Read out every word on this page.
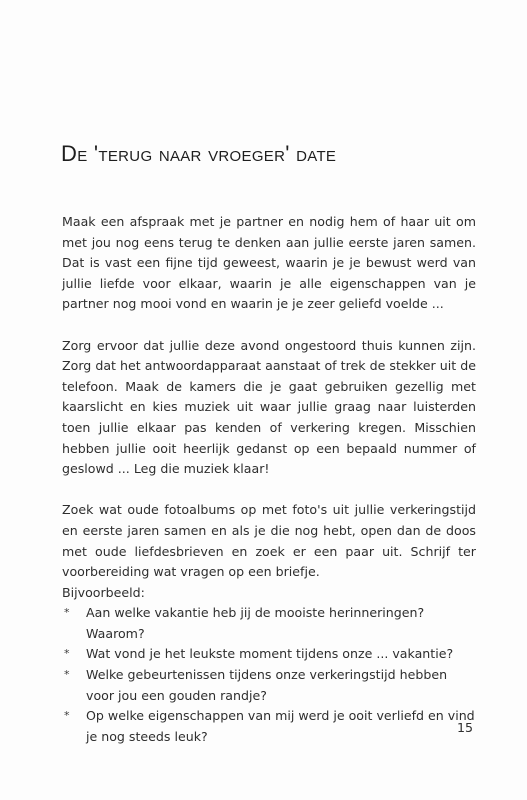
De 'terug naar vroeger' date

Maak een afspraak met je partner en nodig hem of haar uit om met jou nog eens terug te denken aan jullie eerste jaren samen. Dat is vast een fijne tijd geweest, waarin je je bewust werd van jullie liefde voor elkaar, waarin je alle eigenschappen van je partner nog mooi vond en waarin je je zeer geliefd voelde ...

Zorg ervoor dat jullie deze avond ongestoord thuis kunnen zijn. Zorg dat het antwoordapparaat aanstaat of trek de stekker uit de telefoon. Maak de kamers die je gaat gebruiken gezellig met kaarslicht en kies muziek uit waar jullie graag naar luisterden toen jullie elkaar pas kenden of verkering kregen. Misschien hebben jullie ooit heerlijk gedanst op een bepaald nummer of geslowd ... Leg die muziek klaar!

Zoek wat oude fotoalbums op met foto's uit jullie verkeringstijd en eerste jaren samen en als je die nog hebt, open dan de doos met oude liefdesbrieven en zoek er een paar uit. Schrijf ter voorbereiding wat vragen op een briefje.

Bijvoorbeeld:

* Aan welke vakantie heb jij de mooiste herinneringen? Waarom?
* Wat vond je het leukste moment tijdens onze ... vakantie?
* Welke gebeurtenissen tijdens onze verkeringstijd hebben voor jou een gouden randje?
* Op welke eigenschappen van mij werd je ooit verliefd en vind je nog steeds leuk?
15
